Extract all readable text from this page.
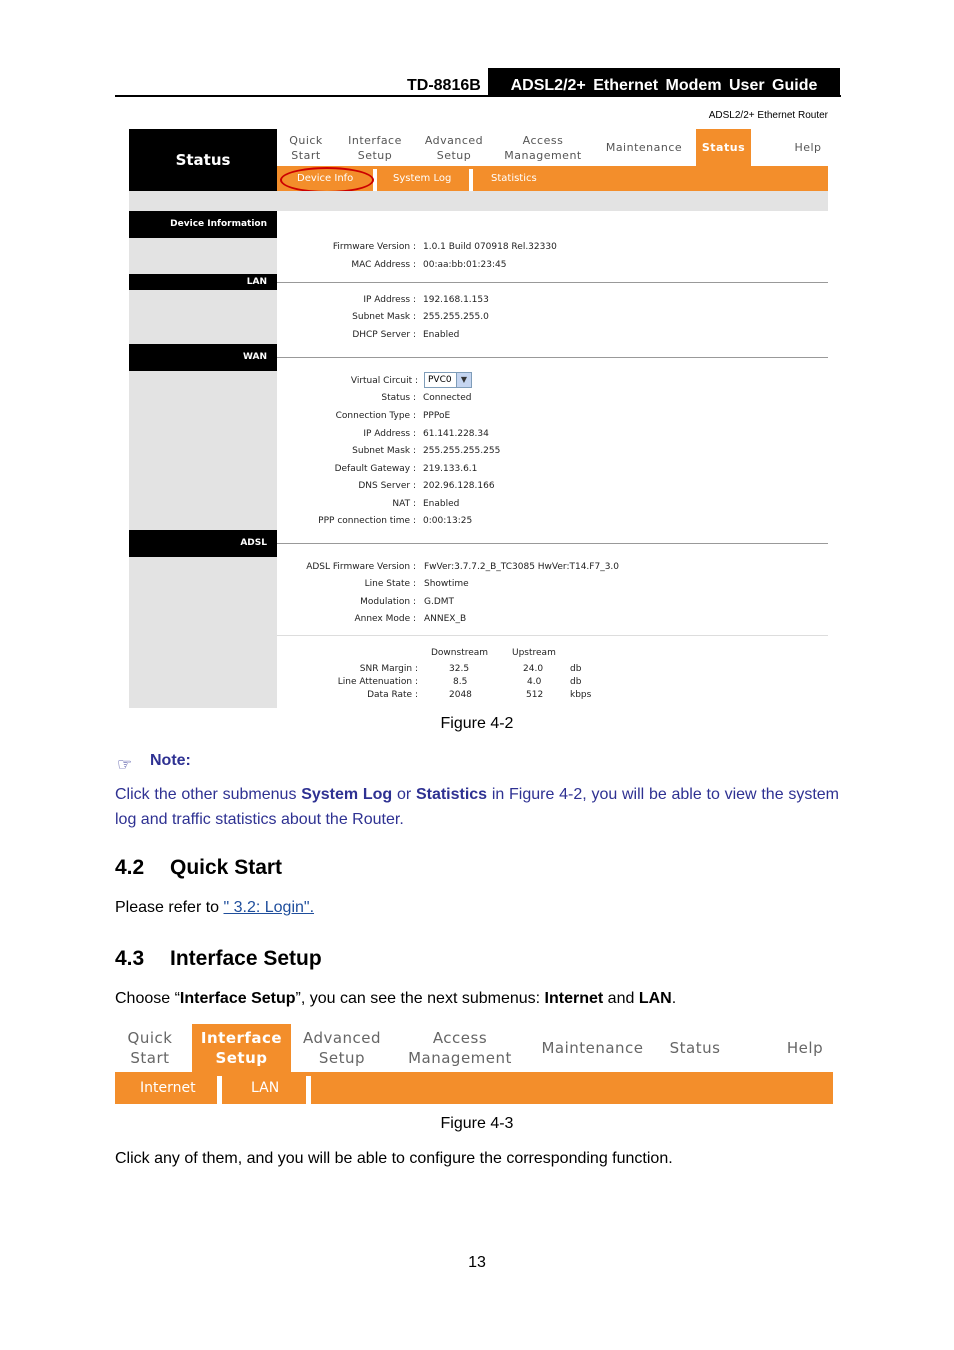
TD-8816B	ADSL2/2+ Ethernet Modem User Guide
ADSL2/2+ Ethernet Router
Status
Quick
Start
Interface
Setup
Advanced
Setup
Access
Management
Maintenance	Status	Help
Device Info	System Log	Statistics
Device Information
LAN
WAN
ADSL
Firmware Version : 1.0.1 Build 070918 Rel.32330
MAC Address : 00:aa:bb:01:23:45
IP Address : 192.168.1.153
Subnet Mask : 255.255.255.0
DHCP Server : Enabled
Virtual Circuit : PVC0	▼
Status : Connected
Connection Type : PPPoE
IP Address : 61.141.228.34
Subnet Mask : 255.255.255.255
Default Gateway : 219.133.6.1
DNS Server : 202.96.128.166
NAT : Enabled
PPP connection time : 0:00:13:25
ADSL Firmware Version : FwVer:3.7.7.2_B_TC3085 HwVer:T14.F7_3.0
Line State : Showtime
Modulation : G.DMT
Annex Mode : ANNEX_B
Downstream	Upstream
SNR Margin :	32.5	24.0	db
Line Attenuation :	8.5	4.0	db
Data Rate :	2048	512	kbps
Figure 4-2
☞ Note:
Click the other submenus System Log or Statistics in Figure 4-2, you will be able to view the system log and traffic statistics about the Router.
4.2 Quick Start
Please refer to " 3.2: Login".
4.3 Interface Setup
Choose “Interface Setup”, you can see the next submenus: Internet and LAN.
Quick
Start
Interface
Setup
Advanced
Setup
Access
Management
Maintenance	Status	Help
Internet	LAN
Figure 4-3
Click any of them, and you will be able to configure the corresponding function.
13
